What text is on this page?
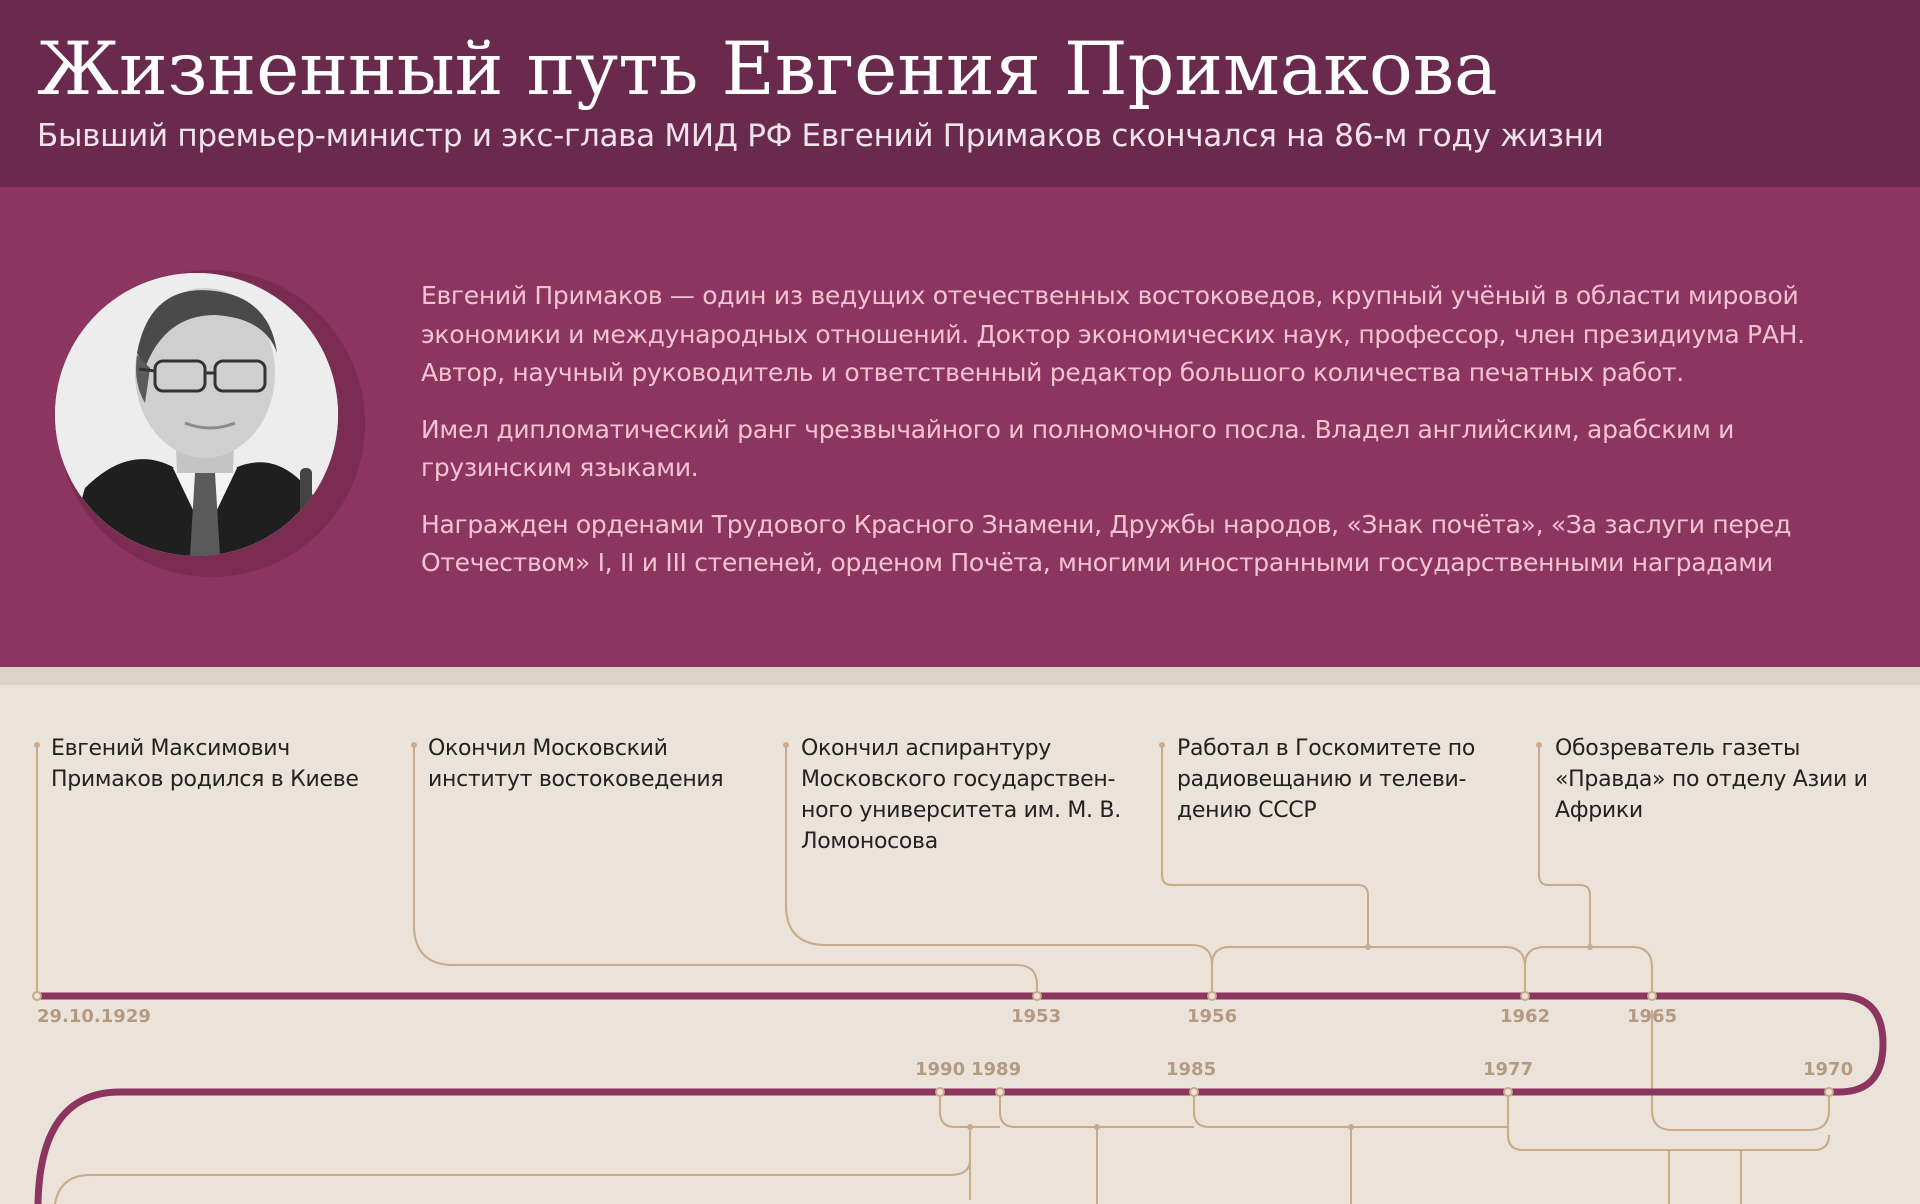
Жизненный путь Евгения Примакова

Бывший премьер-министр и экс-глава МИД РФ Евгений Примаков скончался на 86-м году жизни

Евгений Примаков — один из ведущих отечественных востоковедов, крупный учёный в области мировой экономики и международных отношений. Доктор экономических наук, профессор, член президиума РАН. Автор, научный руководитель и ответственный редактор большого количества печатных работ.

Имел дипломатический ранг чрезвычайного и полномочного посла. Владел английским, арабским и грузинским языками.

Награжден орденами Трудового Красного Знамени, Дружбы народов, «Знак почёта», «За заслуги перед Отечеством» I, II и III степеней, орденом Почёта, многими иностранными государственными наградами

Евгений Максимович Примаков родился в Киеве
Окончил Московский институт востоковедения
Окончил аспирантуру Московского государствен-ного университета им. М. В. Ломоносова
Работал в Госкомитете по радиовещанию и телеви-дению СССР
Обозреватель газеты «Правда» по отделу Азии и Африки
29.10.1929	1953	1956	1962	1965
1990 1989	1985	1977	1970
